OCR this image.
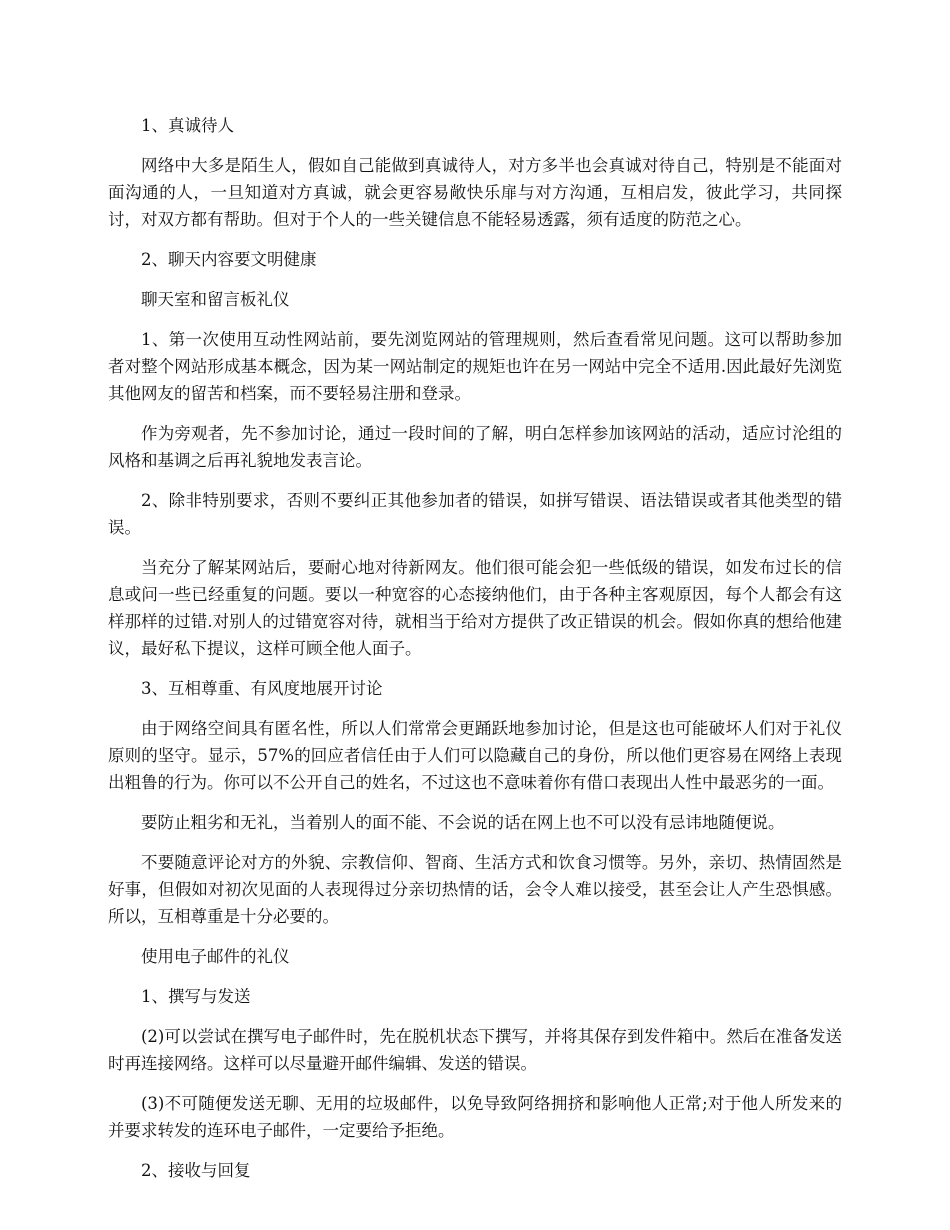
1、真诚待人

网络中大多是陌生人，假如自己能做到真诚待人，对方多半也会真诚对待自己，特别是不能面对面沟通的人，一旦知道对方真诚，就会更容易敞快乐扉与对方沟通，互相启发，彼此学习，共同探讨，对双方都有帮助。但对于个人的一些关键信息不能轻易透露，须有适度的防范之心。

2、聊天内容要文明健康

聊天室和留言板礼仪

1、第一次使用互动性网站前，要先浏览网站的管理规则，然后查看常见问题。这可以帮助参加者对整个网站形成基本概念，因为某一网站制定的规矩也许在另一网站中完全不适用.因此最好先浏览其他网友的留苦和档案，而不要轻易注册和登录。

作为旁观者，先不参加讨论，通过一段时间的了解，明白怎样参加该网站的活动，适应讨沦组的风格和基调之后再礼貌地发表言论。

2、除非特别要求，否则不要纠正其他参加者的错误，如拼写错误、语法错误或者其他类型的错误。

当充分了解某网站后，要耐心地对待新网友。他们很可能会犯一些低级的错误，如发布过长的信息或问一些已经重复的问题。要以一种宽容的心态接纳他们，由于各种主客观原因，每个人都会有这样那样的过错.对别人的过错宽容对待，就相当于给对方提供了改正错误的机会。假如你真的想给他建议，最好私下提议，这样可顾全他人面子。

3、互相尊重、有风度地展开讨论

由于网络空间具有匿名性，所以人们常常会更踊跃地参加讨论，但是这也可能破坏人们对于礼仪原则的坚守。显示，57%的回应者信任由于人们可以隐藏自己的身份，所以他们更容易在网络上表现出粗鲁的行为。你可以不公开自己的姓名，不过这也不意味着你有借口表现出人性中最恶劣的一面。

要防止粗劣和无礼，当着别人的面不能、不会说的话在网上也不可以没有忌讳地随便说。

不要随意评论对方的外貌、宗教信仰、智商、生活方式和饮食习惯等。另外，亲切、热情固然是好事，但假如对初次见面的人表现得过分亲切热情的话，会令人难以接受，甚至会让人产生恐惧感。所以，互相尊重是十分必要的。

使用电子邮件的礼仪

1、撰写与发送

(2)可以尝试在撰写电子邮件时，先在脱机状态下撰写，并将其保存到发件箱中。然后在准备发送时再连接网络。这样可以尽量避开邮件编辑、发送的错误。

(3)不可随便发送无聊、无用的垃圾邮件，以免导致阿络拥挤和影响他人正常;对于他人所发来的并要求转发的连环电子邮件，一定要给予拒绝。

2、接收与回复
